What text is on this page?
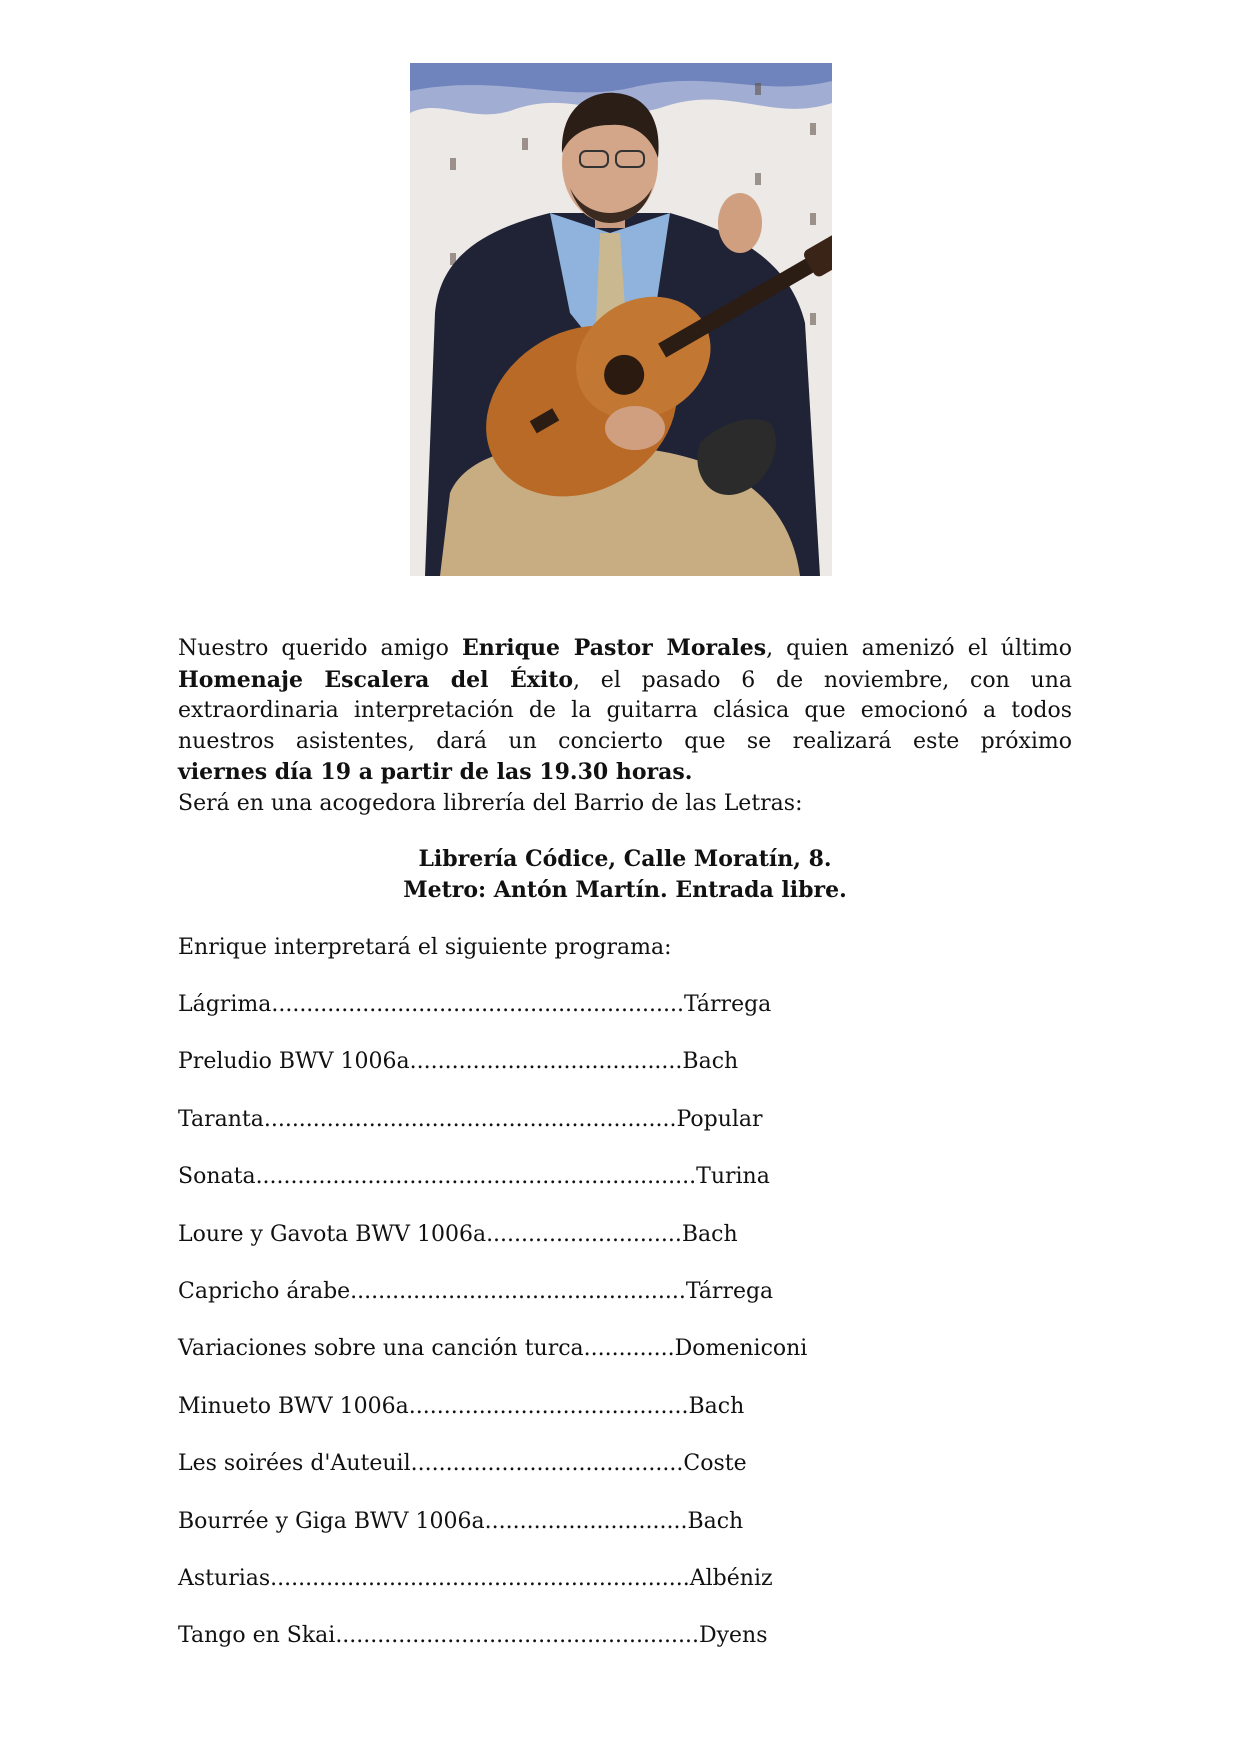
Nuestro querido amigo Enrique Pastor Morales, quien amenizó el último

Homenaje Escalera del Éxito, el pasado 6 de noviembre, con una

extraordinaria interpretación de la guitarra clásica que emocionó a todos

nuestros asistentes, dará un concierto que se realizará este próximo

viernes día 19 a partir de las 19.30 horas.

Será en una acogedora librería del Barrio de las Letras:

Librería Códice, Calle Moratín, 8.
Metro: Antón Martín. Entrada libre.
Enrique interpretará el siguiente programa:
Lágrima...........................................................Tárrega
Preludio BWV 1006a.......................................Bach
Taranta...........................................................Popular
Sonata...............................................................Turina
Loure y Gavota BWV 1006a............................Bach
Capricho árabe................................................Tárrega
Variaciones sobre una canción turca.............Domeniconi
Minueto BWV 1006a........................................Bach
Les soirées d'Auteuil.......................................Coste
Bourrée y Giga BWV 1006a.............................Bach
Asturias............................................................Albéniz
Tango en Skai....................................................Dyens
